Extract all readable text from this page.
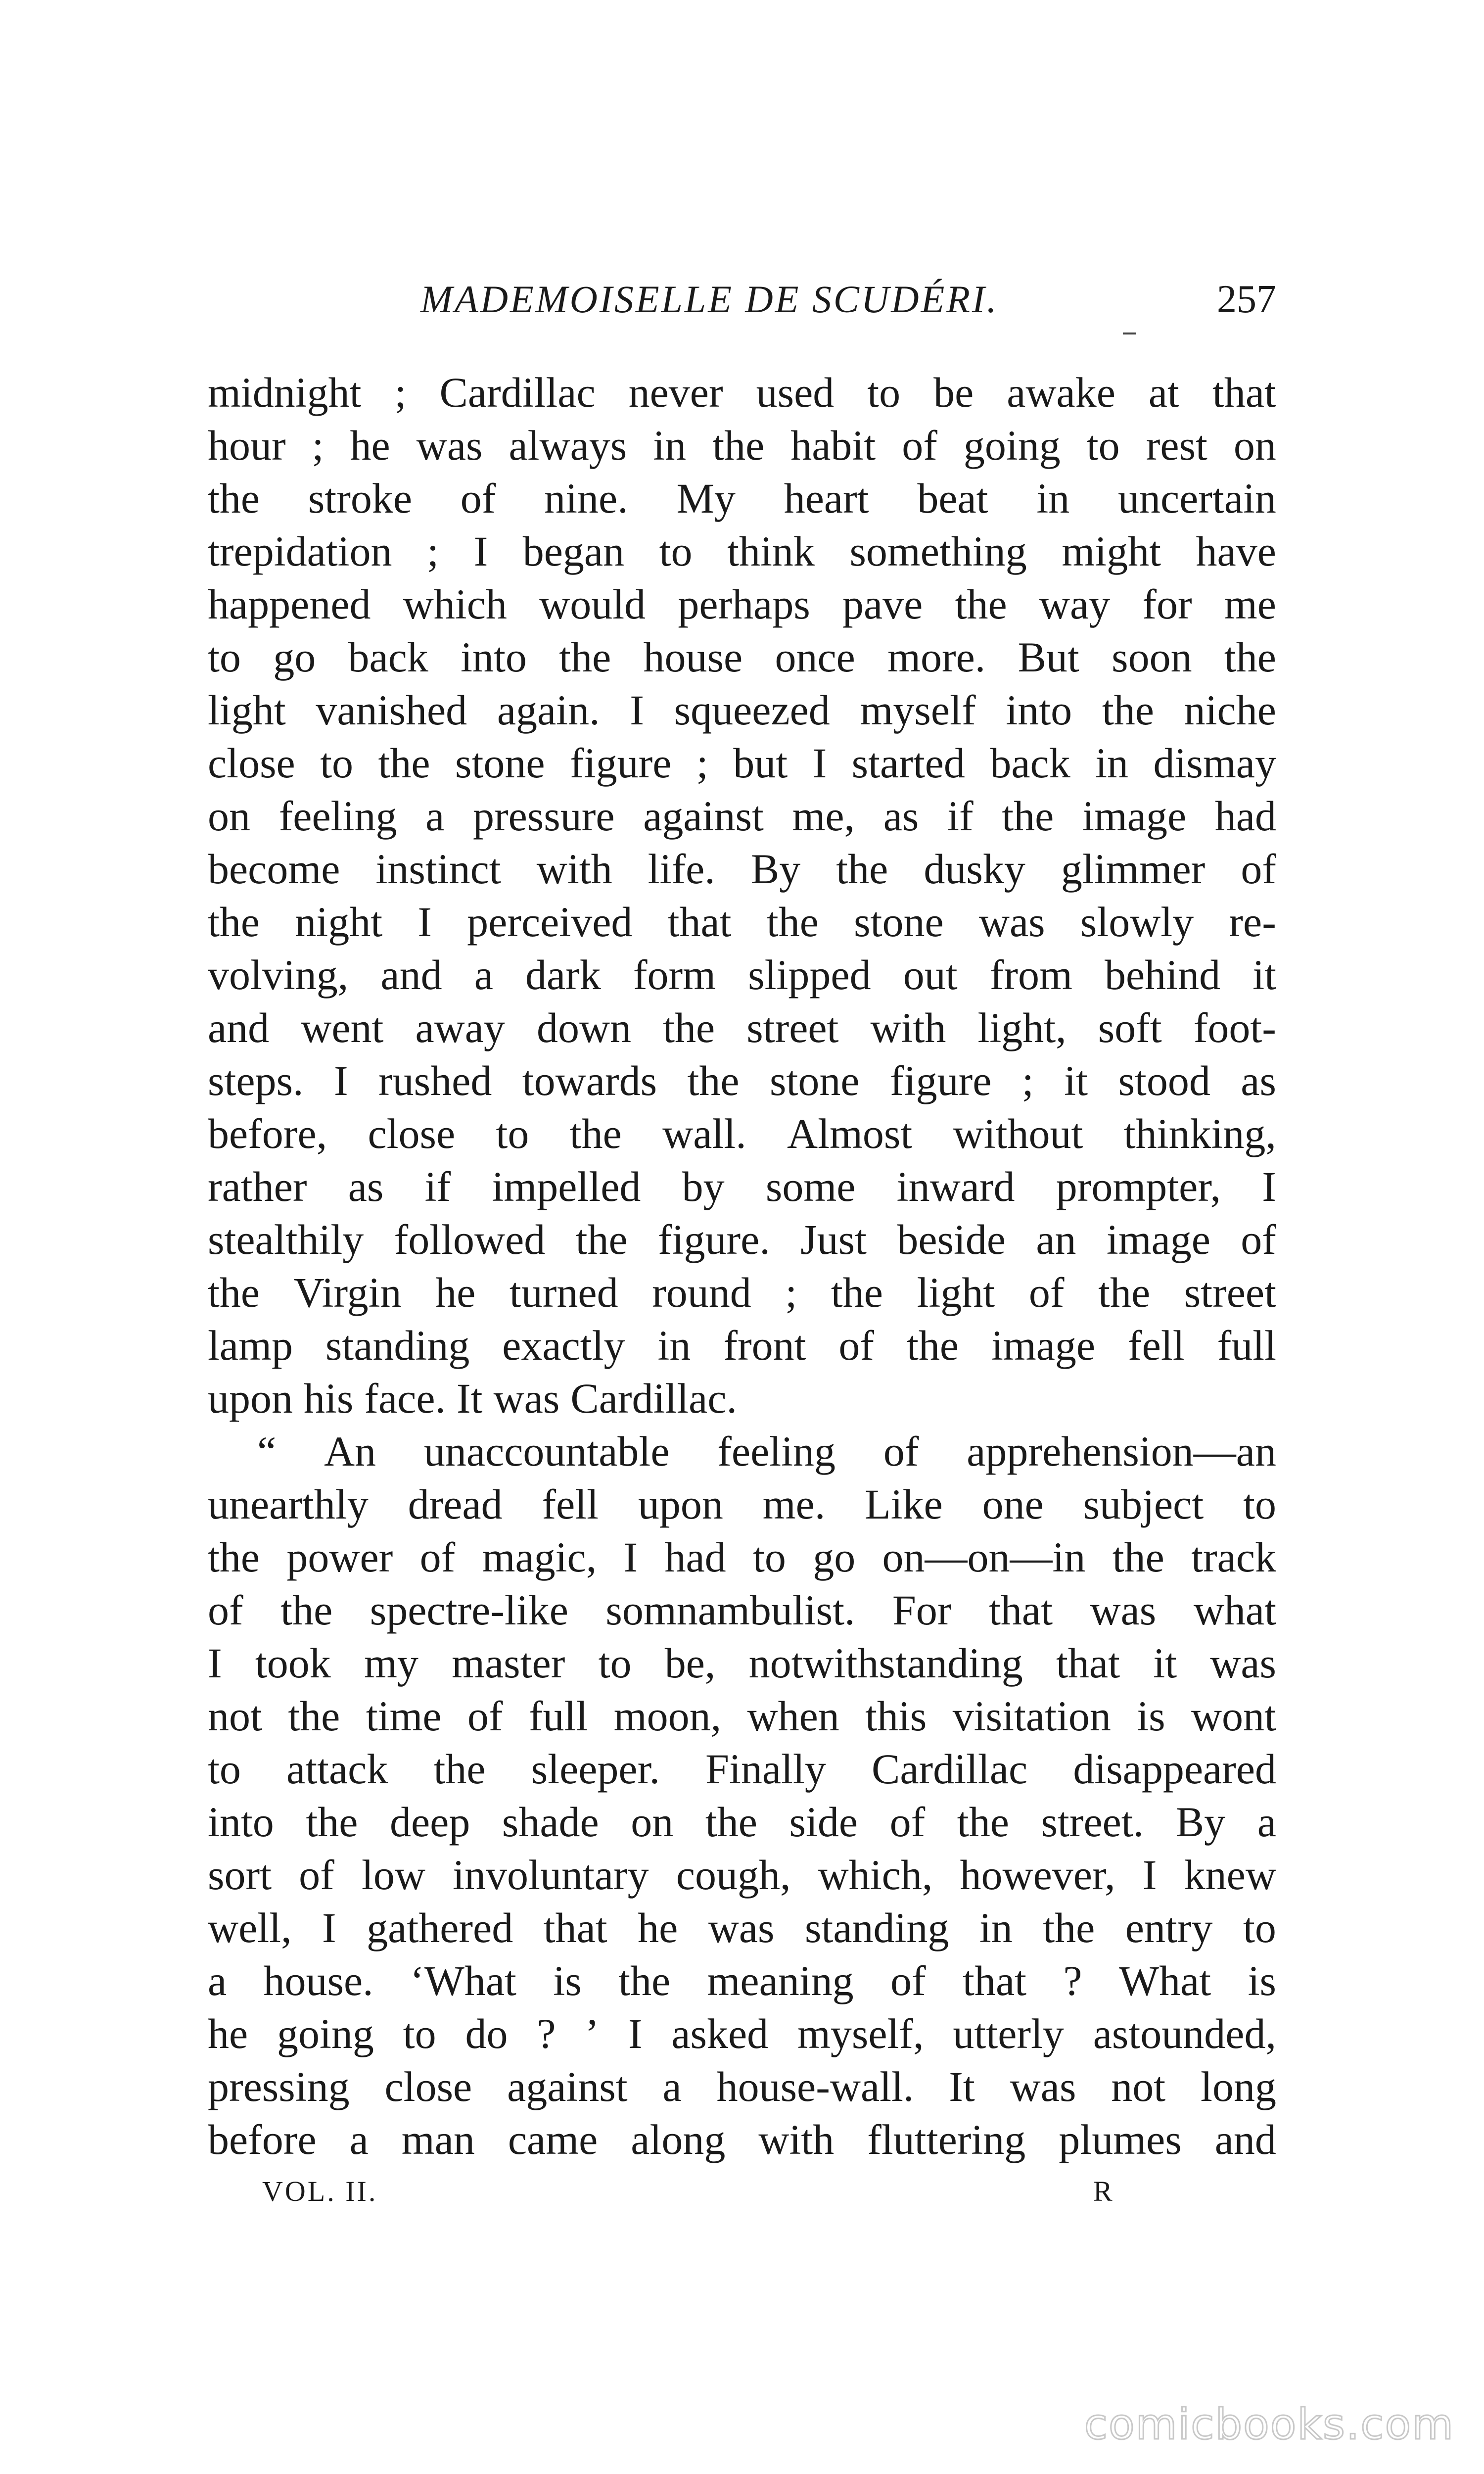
MADEMOISELLE DE SCUDÉRI.	257
midnight ; Cardillac never used to be awake at that
hour ; he was always in the habit of going to rest on
the stroke of nine. My heart beat in uncertain
trepidation ; I began to think something might have
happened which would perhaps pave the way for me
to go back into the house once more. But soon the
light vanished again. I squeezed myself into the niche
close to the stone figure ; but I started back in dismay
on feeling a pressure against me, as if the image had
become instinct with life. By the dusky glimmer of
the night I perceived that the stone was slowly re-
volving, and a dark form slipped out from behind it
and went away down the street with light, soft foot-
steps. I rushed towards the stone figure ; it stood as
before, close to the wall. Almost without thinking,
rather as if impelled by some inward prompter, I
stealthily followed the figure. Just beside an image of
the Virgin he turned round ; the light of the street
lamp standing exactly in front of the image fell full
upon his face. It was Cardillac.
“ An unaccountable feeling of apprehension—an
unearthly dread fell upon me. Like one subject to
the power of magic, I had to go on—on—in the track
of the spectre-like somnambulist. For that was what
I took my master to be, notwithstanding that it was
not the time of full moon, when this visitation is wont
to attack the sleeper. Finally Cardillac disappeared
into the deep shade on the side of the street. By a
sort of low involuntary cough, which, however, I knew
well, I gathered that he was standing in the entry to
a house. ‘What is the meaning of that ? What is
he going to do ? ’ I asked myself, utterly astounded,
pressing close against a house-wall. It was not long
before a man came along with fluttering plumes and
VOL. II.	R
comicbooks.com
